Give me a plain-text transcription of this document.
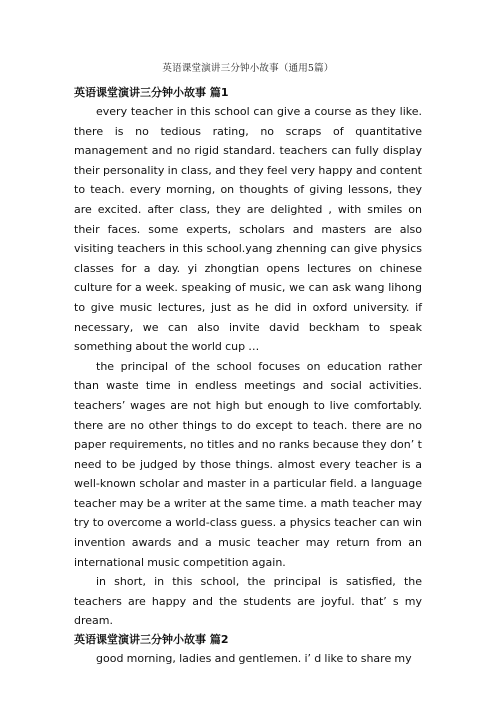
英语课堂演讲三分钟小故事（通用5篇）
英语课堂演讲三分钟小故事 篇1

every teacher in this school can give a course as they like. there is no tedious rating, no scraps of quantitative management and no rigid standard. teachers can fully display their personality in class, and they feel very happy and content to teach. every morning, on thoughts of giving lessons, they are excited. after class, they are delighted , with smiles on their faces. some experts, scholars and masters are also visiting teachers in this school.yang zhenning can give physics classes for a day. yi zhongtian opens lectures on chinese culture for a week. speaking of music, we can ask wang lihong to give music lectures, just as he did in oxford university. if necessary, we can also invite david beckham to speak something about the world cup …

the principal of the school focuses on education rather than waste time in endless meetings and social activities. teachers’ wages are not high but enough to live comfortably. there are no other things to do except to teach. there are no paper requirements, no titles and no ranks because they don’ t need to be judged by those things. almost every teacher is a well-known scholar and master in a particular field. a language teacher may be a writer at the same time. a math teacher may try to overcome a world-class guess. a physics teacher can win invention awards and a music teacher may return from an international music competition again.

in short, in this school, the principal is satisfied, the teachers are happy and the students are joyful. that’ s my dream.

英语课堂演讲三分钟小故事 篇2

good morning, ladies and gentlemen. i’ d like to share my
